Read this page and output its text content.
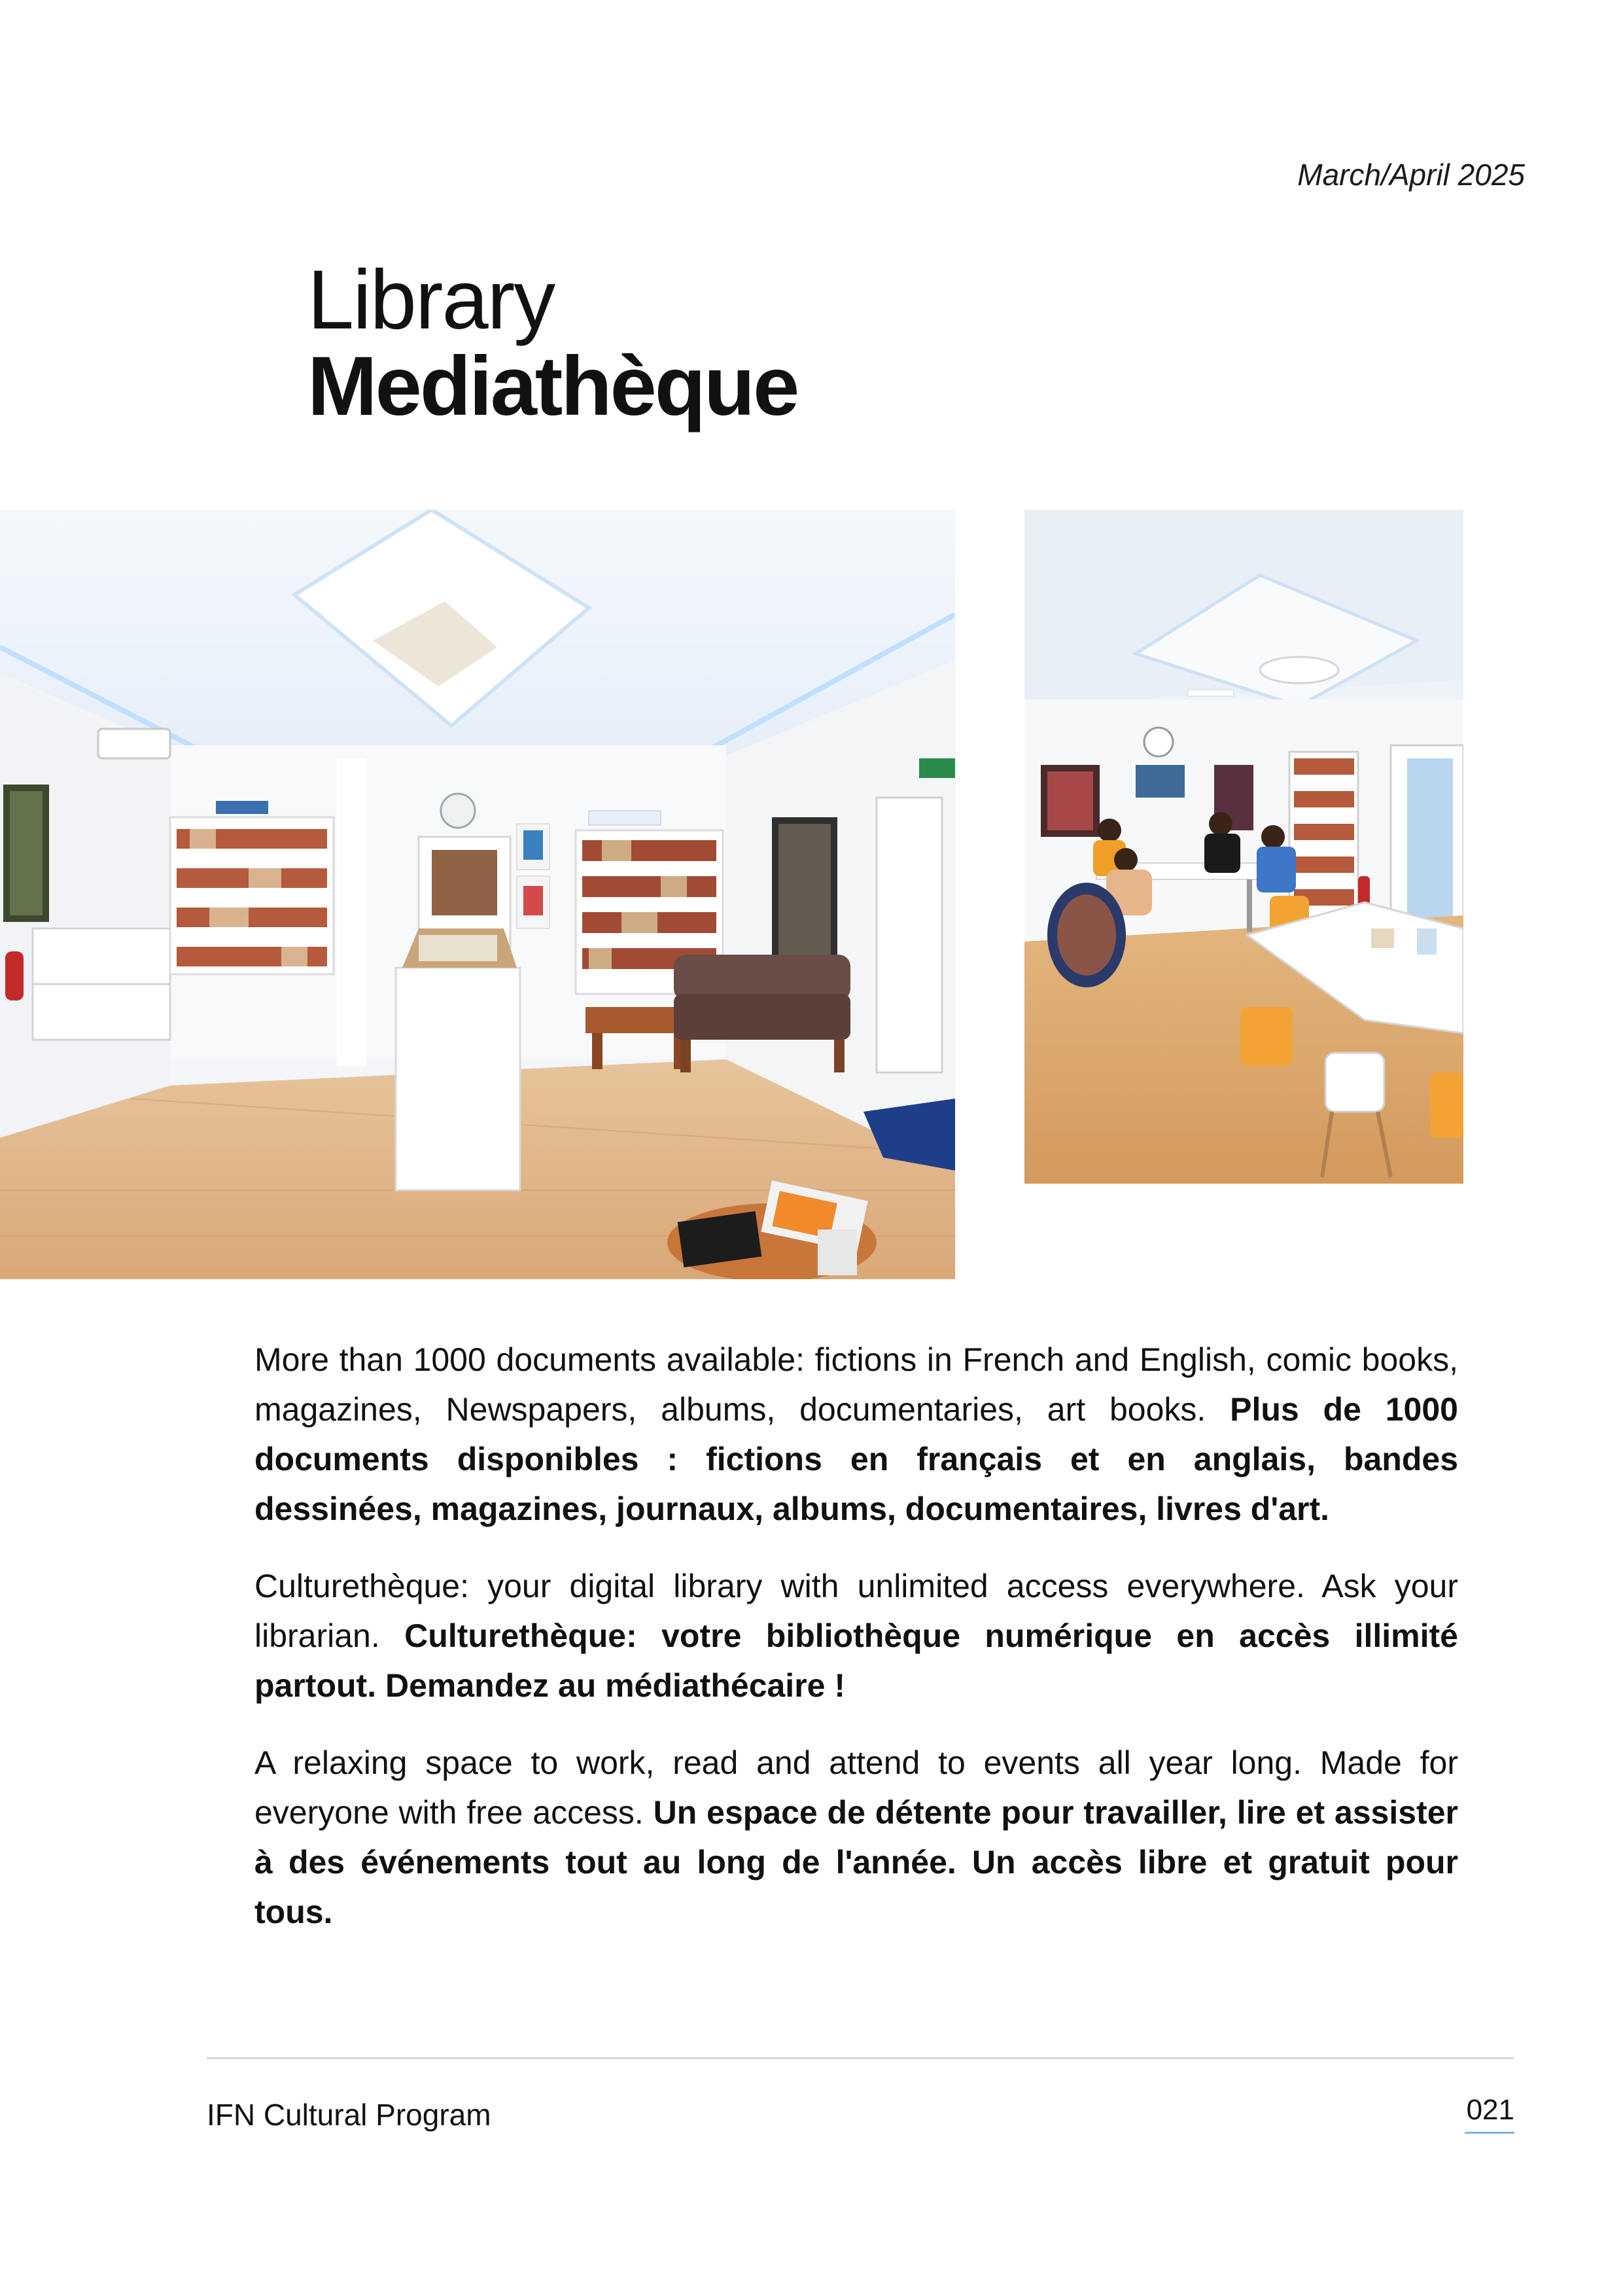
March/April 2025
Library
Mediathèque

More than 1000 documents available: fictions in French and English, comic books, magazines, Newspapers, albums, documentaries, art books. Plus de 1000 documents disponibles : fictions en français et en anglais, bandes dessinées, magazines, journaux, albums, documentaires, livres d'art.

Culturethèque: your digital library with unlimited access everywhere. Ask your librarian. Culturethèque: votre bibliothèque numérique en accès illimité partout. Demandez au médiathécaire !

A relaxing space to work, read and attend to events all year long. Made for everyone with free access. Un espace de détente pour travailler, lire et assister à des événements tout au long de l'année. Un accès libre et gratuit pour tous.

IFN Cultural Program	021
